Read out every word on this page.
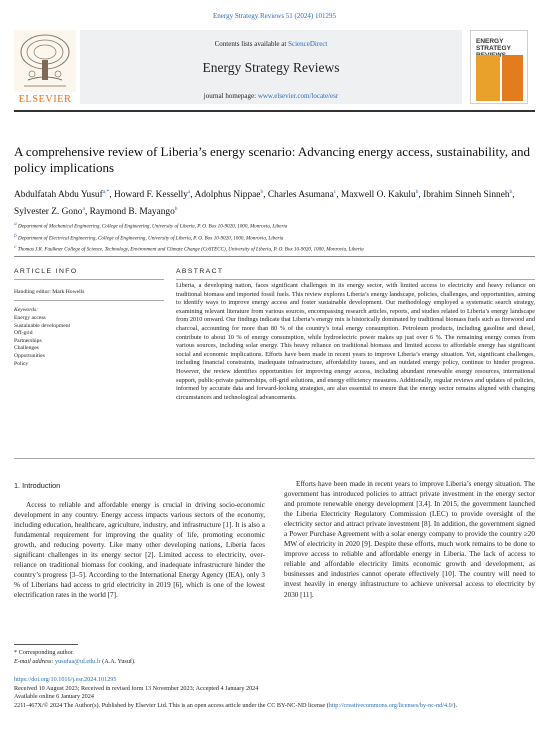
Energy Strategy Reviews 51 (2024) 101295
ELSEVIER
Contents lists available at ScienceDirect
Energy Strategy Reviews
journal homepage: www.elsevier.com/locate/esr
ENERGY
STRATEGY
A comprehensive review of Liberia’s energy scenario: Advancing energy access, sustainability, and policy implications
Abdulfatah Abdu Yusuf$^{a,*}$, Howard F. Kesselly$^a$, Adolphus Nippae$^b$, Charles Asumana$^c$, Maxwell O. Kakulu$^b$, Ibrahim Sinneh Sinneh$^b$, Sylvester Z. Gono$^a$, Raymond B. Mayango$^b$
$^a$ Department of Mechanical Engineering, College of Engineering, University of Liberia, P. O. Box 10-9020, 1000, Monrovia, Liberia
$^b$ Department of Electrical Engineering, College of Engineering, University of Liberia, P. O. Box 10-9020, 1000, Monrovia, Liberia
$^c$ Thomas J.R. Faulkner College of Science, Technology, Environment and Climate Change (CoSTECC), University of Liberia, P. O. Box 10-9020, 1000, Monrovia, Liberia
ARTICLE INFO	ABSTRACT
Handling editor: Mark Howells
Keywords:
Energy access
Sustainable development
Off-grid
Partnerships
Challenges
Opportunities
Policy
Liberia, a developing nation, faces significant challenges in its energy sector, with limited access to electricity and heavy reliance on traditional biomass and imported fossil fuels. This review explores Liberia’s energy landscape, policies, challenges, and opportunities, aiming to identify ways to improve energy access and foster sustainable development. Our methodology employed a systematic search strategy, examining relevant literature from various sources, encompassing research articles, reports, and studies related to Liberia’s energy landscape from 2010 onward. Our findings indicate that Liberia’s energy mix is historically dominated by traditional biomass fuels such as firewood and charcoal, accounting for more than 80 % of the country’s total energy consumption. Petroleum products, including gasoline and diesel, contribute to about 10 % of energy consumption, while hydroelectric power makes up just over 6 %. The remaining energy comes from various sources, including solar energy. This heavy reliance on traditional biomass and limited access to affordable energy has significant social and economic implications. Efforts have been made in recent years to improve Liberia’s energy situation. Yet, significant challenges, including financial constraints, inadequate infrastructure, affordability issues, and an outdated energy policy, continue to hinder progress. However, the review identifies opportunities for improving energy access, including abundant renewable energy resources, international support, public-private partnerships, off-grid solutions, and energy efficiency measures. Additionally, regular reviews and updates of policies, informed by accurate data and forward-looking strategies, are also essential to ensure that the energy sector remains aligned with changing circumstances and technological advancements.
1. Introduction

Access to reliable and affordable energy is crucial in driving socio-economic development in any country. Energy access impacts various sectors of the economy, including education, healthcare, agriculture, industry, and infrastructure [1]. It is also a fundamental requirement for improving the quality of life, promoting economic growth, and reducing poverty. Like many other developing nations, Liberia faces significant challenges in its energy sector [2]. Limited access to electricity, over-reliance on traditional biomass for cooking, and inadequate infrastructure hinder the country’s progress [3–5]. According to the International Energy Agency (IEA), only 3 % of Liberians had access to grid electricity in 2019 [6], which is one of the lowest electrification rates in the world [7].

Efforts have been made in recent years to improve Liberia’s energy situation. The government has introduced policies to attract private investment in the energy sector and promote renewable energy development [3,4]. In 2015, the government launched the Liberia Electricity Regulatory Commission (LEC) to provide oversight of the electricity sector and attract private investment [8]. In addition, the government signed a Power Purchase Agreement with a solar energy company to provide the country ≥20 MW of electricity in 2020 [9]. Despite these efforts, much work remains to be done to improve access to reliable and affordable energy in Liberia. The lack of access to reliable and affordable electricity limits economic growth and development, as businesses and industries cannot operate effectively [10]. The country will need to invest heavily in energy infrastructure to achieve universal access to electricity by 2030 [11].

* Corresponding author.
E-mail address: yusufaa@ul.edu.lr (A.A. Yusuf).
https://doi.org/10.1016/j.esr.2024.101295
Received 10 August 2023; Received in revised form 13 November 2023; Accepted 4 January 2024
Available online 6 January 2024
2211-467X/© 2024 The Author(s). Published by Elsevier Ltd. This is an open access article under the CC BY-NC-ND license (http://creativecommons.org/licenses/by-nc-nd/4.0/).
